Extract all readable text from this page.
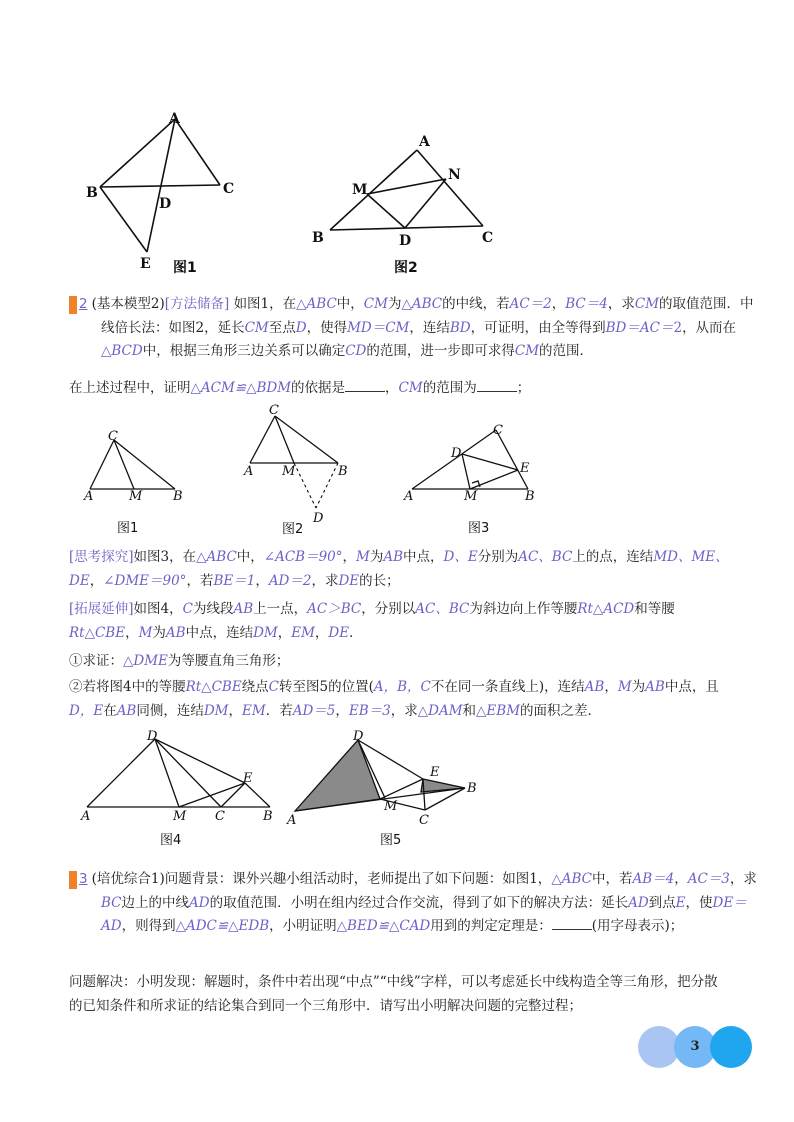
A
B	C
D
E 图1
A
M
N
B	D	C
图2
例 2 (基本模型2)[方法储备] 如图1，在△ABC中，CM为△ABC的中线，若AC＝2，BC＝4，求CM的取值范围．中线倍长法：如图2，延长CM至点D，使得MD＝CM，连结BD，可证明，由全等得到BD＝AC＝2，从而在△BCD中，根据三角形三边关系可以确定CD的范围，进一步即可求得CM的范围．
在上述过程中，证明△ACM≌△BDM的依据是	，CM的范围为	；
C
A	M B
图1
C
A M	B
D
图2
C
D
E
A	M	B
图3
[思考探究]如图3，在△ABC中，∠ACB＝90°，M为AB中点，D、E分别为AC、BC上的点，连结MD、ME、DE，∠DME＝90°，若BE＝1，AD＝2，求DE的长；
[拓展延伸]如图4，C为线段AB上一点，AC＞BC，分别以AC、BC为斜边向上作等腰Rt△ACD和等腰Rt△CBE，M为AB中点，连结DM，EM，DE．
①求证：△DME为等腰直角三角形；
②若将图4中的等腰Rt△CBE绕点C转至图5的位置(A，B，C不在同一条直线上)，连结AB，M为AB中点，且D，E在AB同侧，连结DM，EM．若AD＝5，EB＝3，求△DAM和△EBM的面积之差．
D
E
A	M C	B
图4
D
E
B
M
A	C
图5
例 3 (培优综合1)问题背景：课外兴趣小组活动时，老师提出了如下问题：如图1，△ABC中，若AB＝4，AC＝3，求BC边上的中线AD的取值范围．小明在组内经过合作交流，得到了如下的解决方法：延长AD到点E，使DE＝AD，则得到△ADC≌△EDB，小明证明△BED≌△CAD用到的判定定理是：	(用字母表示)；
问题解决：小明发现：解题时，条件中若出现“中点”“中线”字样，可以考虑延长中线构造全等三角形，把分散的已知条件和所求证的结论集合到同一个三角形中．请写出小明解决问题的完整过程；
3
